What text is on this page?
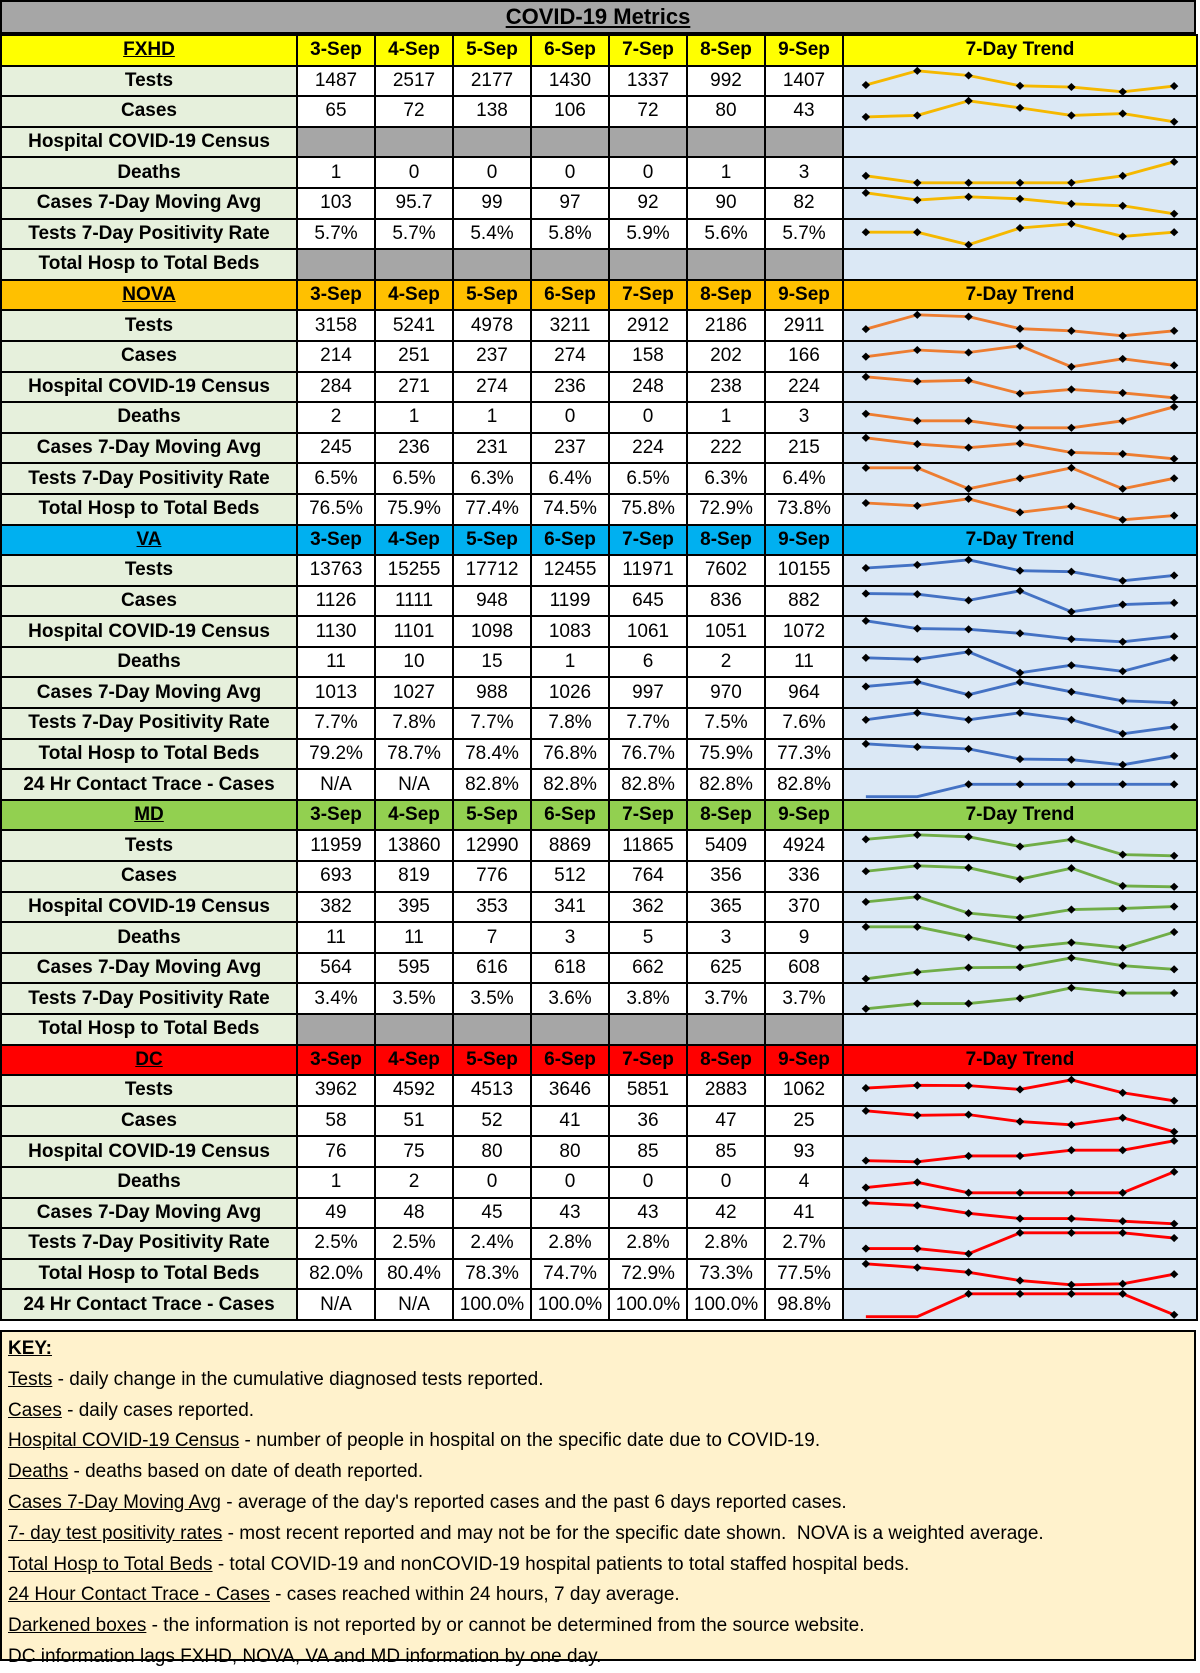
COVID-19 Metrics
FXHD	3-Sep	4-Sep	5-Sep	6-Sep	7-Sep	8-Sep	9-Sep	7-Day Trend
Tests	1487	2517	2177	1430	1337	992	1407	

Cases	65	72	138	106	72	80	43	

Hospital COVID-19 Census								
Deaths	1	0	0	0	0	1	3	

Cases 7-Day Moving Avg	103	95.7	99	97	92	90	82	

Tests 7-Day Positivity Rate	5.7%	5.7%	5.4%	5.8%	5.9%	5.6%	5.7%	

Total Hosp to Total Beds								
NOVA	3-Sep	4-Sep	5-Sep	6-Sep	7-Sep	8-Sep	9-Sep	7-Day Trend
Tests	3158	5241	4978	3211	2912	2186	2911	

Cases	214	251	237	274	158	202	166	

Hospital COVID-19 Census	284	271	274	236	248	238	224	

Deaths	2	1	1	0	0	1	3	

Cases 7-Day Moving Avg	245	236	231	237	224	222	215	

Tests 7-Day Positivity Rate	6.5%	6.5%	6.3%	6.4%	6.5%	6.3%	6.4%	

Total Hosp to Total Beds	76.5%	75.9%	77.4%	74.5%	75.8%	72.9%	73.8%	

VA	3-Sep	4-Sep	5-Sep	6-Sep	7-Sep	8-Sep	9-Sep	7-Day Trend
Tests	13763	15255	17712	12455	11971	7602	10155	

Cases	1126	1111	948	1199	645	836	882	

Hospital COVID-19 Census	1130	1101	1098	1083	1061	1051	1072	

Deaths	11	10	15	1	6	2	11	

Cases 7-Day Moving Avg	1013	1027	988	1026	997	970	964	

Tests 7-Day Positivity Rate	7.7%	7.8%	7.7%	7.8%	7.7%	7.5%	7.6%	

Total Hosp to Total Beds	79.2%	78.7%	78.4%	76.8%	76.7%	75.9%	77.3%	

24 Hr Contact Trace - Cases	N/A	N/A	82.8%	82.8%	82.8%	82.8%	82.8%	

MD	3-Sep	4-Sep	5-Sep	6-Sep	7-Sep	8-Sep	9-Sep	7-Day Trend
Tests	11959	13860	12990	8869	11865	5409	4924	

Cases	693	819	776	512	764	356	336	

Hospital COVID-19 Census	382	395	353	341	362	365	370	

Deaths	11	11	7	3	5	3	9	

Cases 7-Day Moving Avg	564	595	616	618	662	625	608	

Tests 7-Day Positivity Rate	3.4%	3.5%	3.5%	3.6%	3.8%	3.7%	3.7%	

Total Hosp to Total Beds								
DC	3-Sep	4-Sep	5-Sep	6-Sep	7-Sep	8-Sep	9-Sep	7-Day Trend
Tests	3962	4592	4513	3646	5851	2883	1062	

Cases	58	51	52	41	36	47	25	

Hospital COVID-19 Census	76	75	80	80	85	85	93	

Deaths	1	2	0	0	0	0	4	

Cases 7-Day Moving Avg	49	48	45	43	43	42	41	

Tests 7-Day Positivity Rate	2.5%	2.5%	2.4%	2.8%	2.8%	2.8%	2.7%	

Total Hosp to Total Beds	82.0%	80.4%	78.3%	74.7%	72.9%	73.3%	77.5%	

24 Hr Contact Trace - Cases	N/A	N/A	100.0%	100.0%	100.0%	100.0%	98.8%	
KEY:
Tests - daily change in the cumulative diagnosed tests reported.
Cases - daily cases reported.
Hospital COVID-19 Census - number of people in hospital on the specific date due to COVID-19.
Deaths - deaths based on date of death reported.
Cases 7-Day Moving Avg - average of the day's reported cases and the past 6 days reported cases.
7- day test positivity rates - most recent reported and may not be for the specific date shown.  NOVA is a weighted average.
Total Hosp to Total Beds - total COVID-19 and nonCOVID-19 hospital patients to total staffed hospital beds.
24 Hour Contact Trace - Cases - cases reached within 24 hours, 7 day average.
Darkened boxes - the information is not reported by or cannot be determined from the source website.
DC information lags FXHD, NOVA, VA and MD information by one day.
